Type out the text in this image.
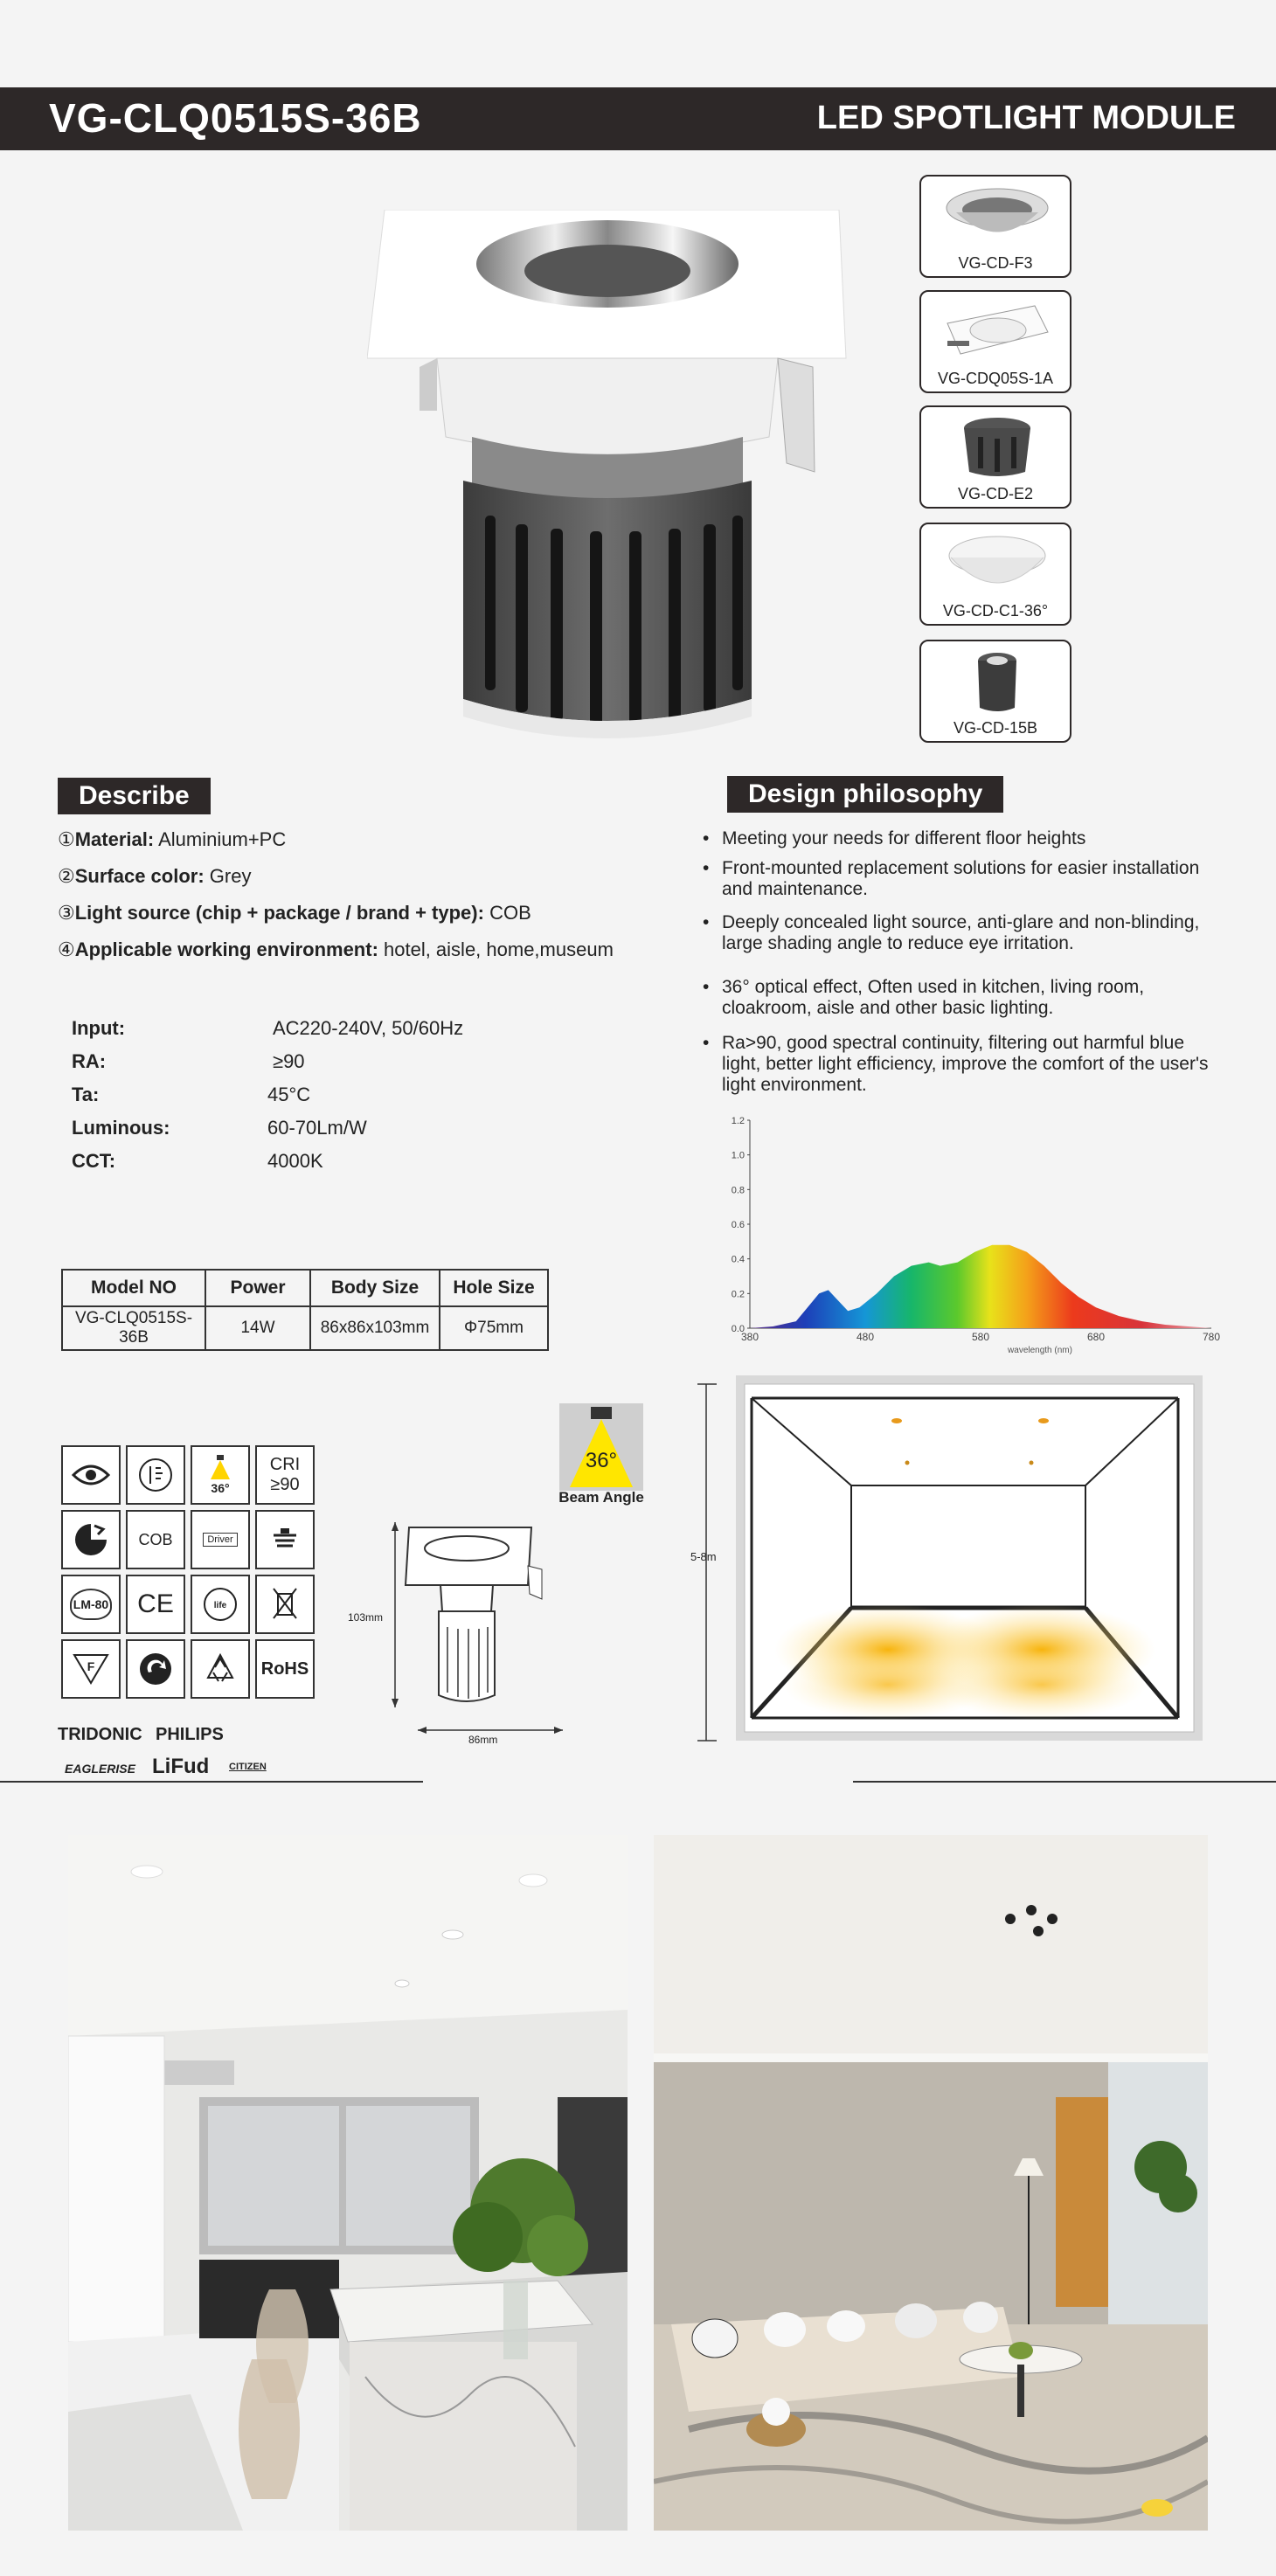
VG-CLQ0515S-36B	LED SPOTLIGHT MODULE
VG-CD-F3
VG-CDQ05S-1A
VG-CD-E2
VG-CD-C1-36°
VG-CD-15B
Describe
①Material: Aluminium+PC
②Surface color: Grey
③Light source (chip + package / brand + type): COB
④Applicable working environment: hotel, aisle, home,museum
Input:	AC220-240V, 50/60Hz
RA:	≥90
Ta:	45°C
Luminous:	60-70Lm/W
CCT:	4000K
Model NO	Power	Body Size	Hole Size
VG-CLQ0515S-36B	14W	86x86x103mm	Φ75mm
Design philosophy
• Meeting your needs for different floor heights
• Front-mounted replacement solutions for easier installation and maintenance.
• Deeply concealed light source, anti-glare and non-blinding, large shading angle to reduce eye irritation.
• 36° optical effect, Often used in kitchen, living room, cloakroom, aisle and other basic lighting.
• Ra>90, good spectral continuity, filtering out harmful blue light, better light efficiency, improve the comfort of the user's light environment.
0.0
0.2
0.4
0.6
0.8
1.0
1.2
380	480	580	680	780
wavelength (nm)
36°
CRI ≥90
COB	Driver
LM-80	CE	life
F	RoHS
TRIDONIC PHILIPS
EAGLERISE LiFud CITIZEN
36°
Beam Angle
103mm
86mm
5-8m
